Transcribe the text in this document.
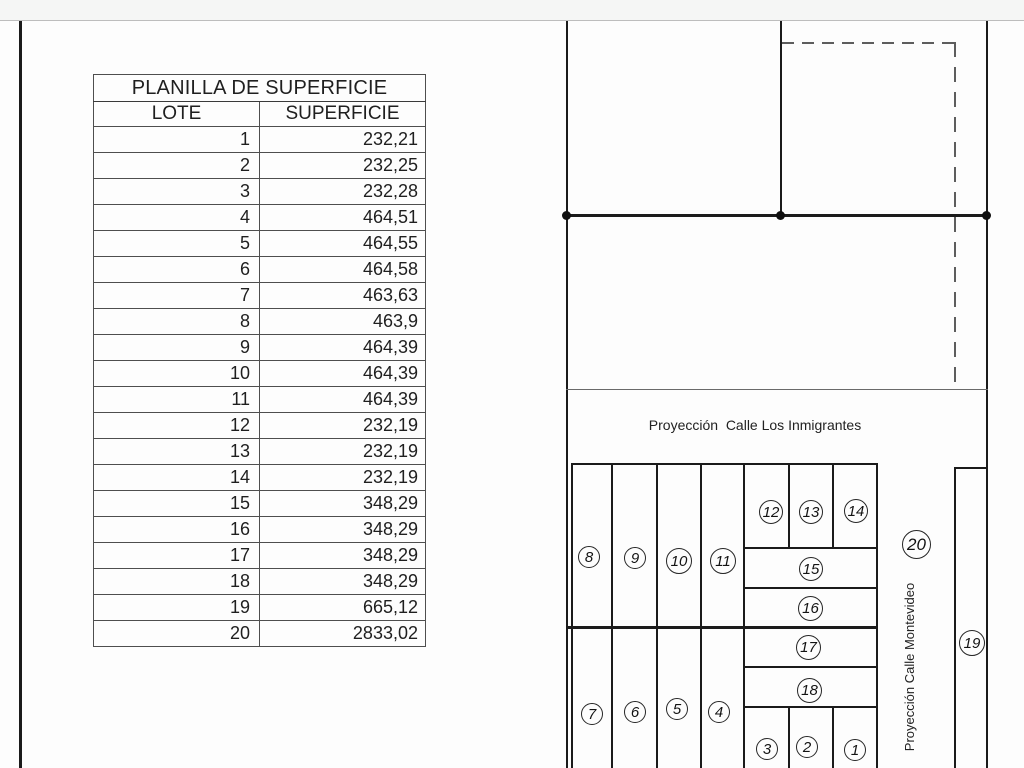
PLANILLA DE SUPERFICIE	
LOTE	SUPERFICIE
1	232,21
2	232,25
3	232,28
4	464,51
5	464,55
6	464,58
7	463,63
8	463,9
9	464,39
10	464,39
11	464,39
12	232,19
13	232,19
14	232,19
15	348,29
16	348,29
17	348,29
18	348,29
19	665,12
20	2833,02
Proyección  Calle Los Inmigrantes
Proyección Calle Montevideo
1
2
3
4
5
6
7
8	9	10	11
12 13 14
15
16
17
18
19
20
